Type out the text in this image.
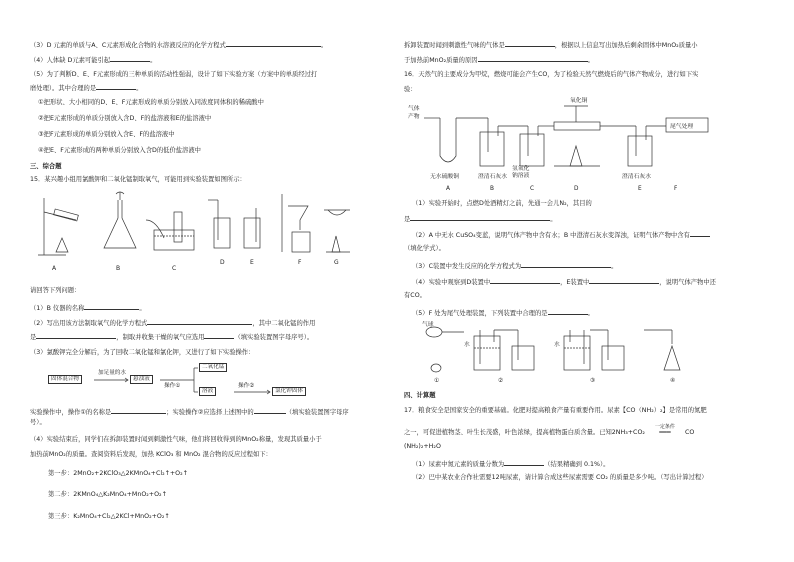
（3）D 元素的单质与A、C元素形成化合物的水溶液反应的化学方程式	。
（4）人体缺 D元素可能引起	。
（5）为了判断D、E、F元素形成的三种单质的活动性强弱，设计了如下实验方案（方案中的单质经过打
磨处理）。其中合理的是	。
①把形状、大小相同的D、E、F元素形成的单质分别放入同浓度同体积的稀硫酸中
②把E元素形成的单质分别放入含D、F的盐溶液和E的盐溶液中
③把F元素形成的单质分别放入含E、F的盐溶液中
④把E、F元素形成的两种单质分别放入含D的低价盐溶液中
三、综合题
15．某兴趣小组用氯酸钾和二氧化锰制取氧气，可能用到实验装置如图所示：
A	B	C
D	E	F	G
请回答下列问题：
（1）B 仪器的名称	。
（2）写出用该方法制取氧气的化学方程式	，其中二氧化锰的作用
是	，制取并收集干燥的氧气应选用	（填实验装置图字母序号）。
（3）氯酸钾完全分解后，为了回收二氧化锰和氯化钾，又进行了如下实验操作：
固体混合物
加足量的水
悬浊液
操作①
二氧化锰
溶液
操作②
氯化钾固体
实验操作中，操作①的名称是	；实验操作②应选择上述图中的	（填实验装置图字母序
号）。
（4）实验结束后，同学们在拆卸装置时闻到刺激性气味，他们将回收得到的MnO₂称量，发现其质量小于
加热前MnO₂的质量。查阅资料后发现，加热 KClO₃ 和 MnO₂ 混合物的反应过程如下：
第一步：2MnO₂+2KClO₃△2KMnO₄+Cl₂↑+O₂↑
第二步：2KMnO₄△K₂MnO₄+MnO₂+O₂↑
第三步：K₂MnO₄+Cl₂△2KCl+MnO₂+O₂↑
拆卸装置时闻到刺激性气味的气体是	，根据以上信息写出加热后剩余固体中MnO₂质量小
于加热前MnO₂质量的原因	。
16．天然气的主要成分为甲烷，燃烧可能会产生CO，为了检验天然气燃烧后的气体产物成分，进行如下实
验：
气体
产物
氧化铜
尾气处理
无水硫酸铜	澄清石灰水
氢氧化
钠溶液	澄清石灰水
A	B	C	D	E	F
（1）实验开始时，点燃D处酒精灯之前，先通一会儿N₂，其目的
是	。
（2）A 中无水 CuSO₄变蓝，说明气体产物中含有水；B 中澄清石灰水变浑浊，证明气体产物中含有
（填化学式）。
（3）C装置中发生反应的化学方程式为	。
（4）实验中观察到D装置中	，E装置中	，说明气体产物中还
有CO。
（5）F 处为尾气处理装置，下列装置中合理的是	。
气球
水	水
①	②	③	④
四、计算题
17．粮食安全是国家安全的重要基础。化肥对提高粮食产量有重要作用。尿素【CO（NH₂）₂】是常用的氮肥
之一，可促进植物茎、叶生长茂盛，叶色浓绿，提高植物蛋白质含量。已知2NH₃+CO₂
一定条件
═══ CO
(NH₂)₂+H₂O
（1）尿素中氮元素的质量分数为	（结果精确到 0.1%）。
（2）巴中某农业合作社需要12吨尿素，请计算合成这些尿素需要 CO₂ 的质量是多少吨。（写出计算过程）
